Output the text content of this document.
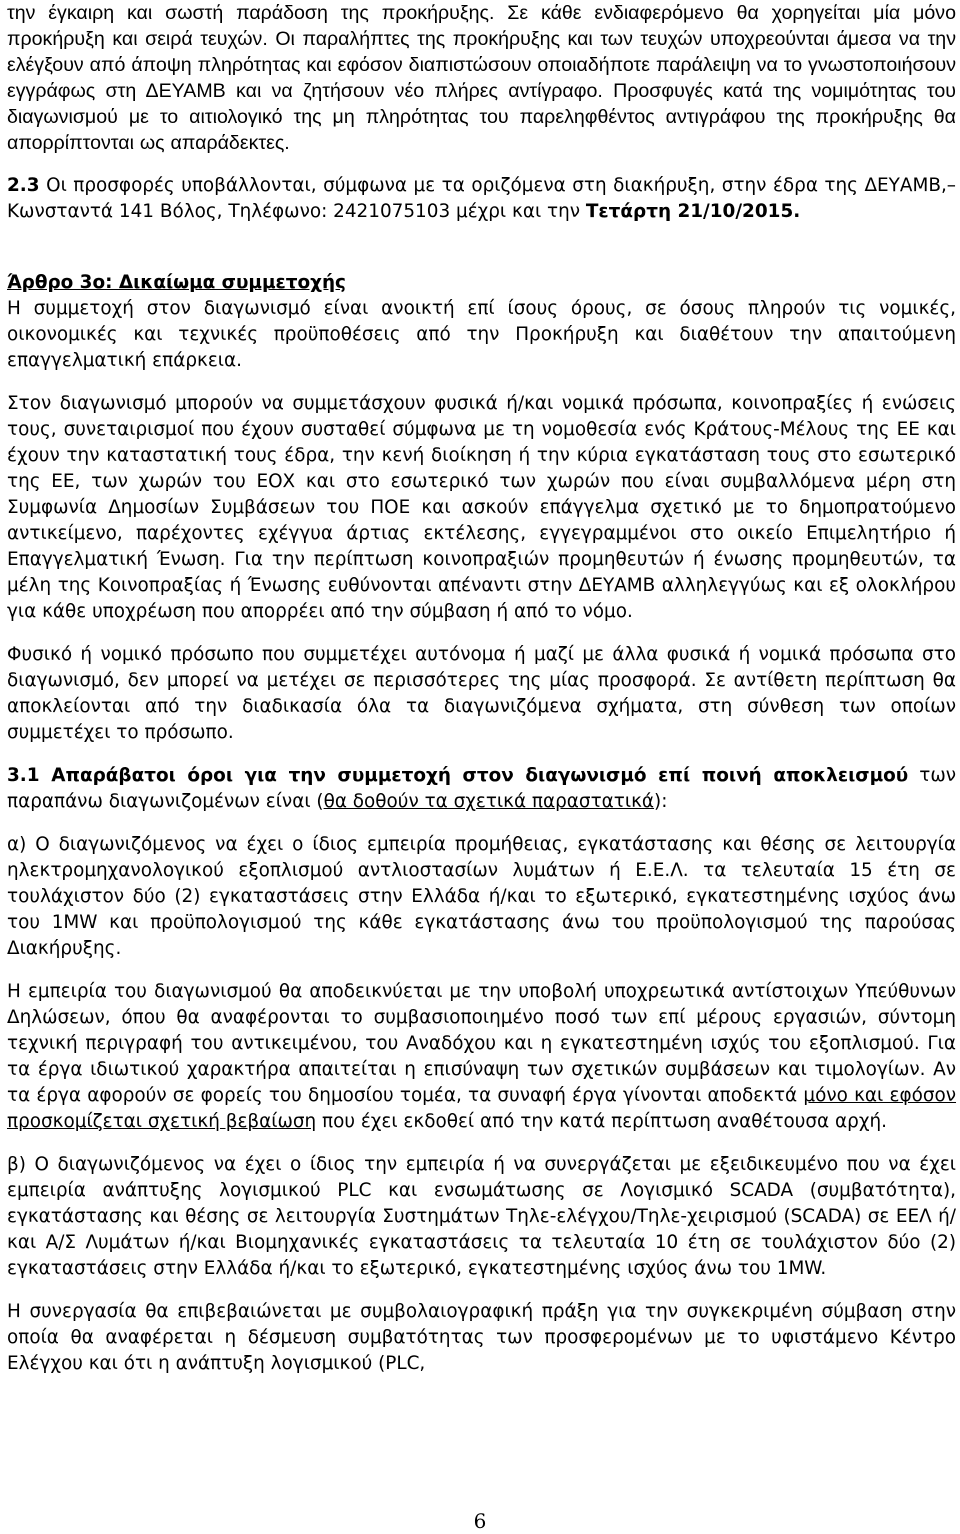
την έγκαιρη και σωστή παράδοση της προκήρυξης. Σε κάθε ενδιαφερόμενο θα χορηγείται μία μόνο προκήρυξη και σειρά τευχών. Οι παραλήπτες της προκήρυξης και των τευχών υποχρεούνται άμεσα να την ελέγξουν από άποψη πληρότητας και εφόσον διαπιστώσουν οποιαδήποτε παράλειψη να το γνωστοποιήσουν εγγράφως στη ΔΕΥΑΜΒ και να ζητήσουν νέο πλήρες αντίγραφο. Προσφυγές κατά της νομιμότητας του διαγωνισμού με το αιτιολογικό της μη πληρότητας του παρεληφθέντος αντιγράφου της προκήρυξης θα απορρίπτονται ως απαράδεκτες.

2.3 Οι προσφορές υποβάλλονται, σύμφωνα με τα οριζόμενα στη διακήρυξη, στην έδρα της ΔΕΥΑΜΒ,– Κωνσταντά 141 Βόλος, Τηλέφωνο: 2421075103 μέχρι και την Τετάρτη 21/10/2015.

Άρθρο 3ο: Δικαίωμα συμμετοχής

Η συμμετοχή στον διαγωνισμό είναι ανοικτή επί ίσους όρους, σε όσους πληρούν τις νομικές, οικονομικές και τεχνικές προϋποθέσεις από την Προκήρυξη και διαθέτουν την απαιτούμενη επαγγελματική επάρκεια.

Στον διαγωνισμό μπορούν να συμμετάσχουν φυσικά ή/και νομικά πρόσωπα, κοινοπραξίες ή ενώσεις τους, συνεταιρισμοί που έχουν συσταθεί σύμφωνα με τη νομοθεσία ενός Κράτους-Μέλους της ΕΕ και έχουν την καταστατική τους έδρα, την κενή διοίκηση ή την κύρια εγκατάσταση τους στο εσωτερικό της ΕΕ, των χωρών του ΕΟΧ και στο εσωτερικό των χωρών που είναι συμβαλλόμενα μέρη στη Συμφωνία Δημοσίων Συμβάσεων του ΠΟΕ και ασκούν επάγγελμα σχετικό με το δημοπρατούμενο αντικείμενο, παρέχοντες εχέγγυα άρτιας εκτέλεσης, εγγεγραμμένοι στο οικείο Επιμελητήριο ή Επαγγελματική Ένωση. Για την περίπτωση κοινοπραξιών προμηθευτών ή ένωσης προμηθευτών, τα μέλη της Κοινοπραξίας ή Ένωσης ευθύνονται απέναντι στην ΔΕΥΑΜΒ αλληλεγγύως και εξ ολοκλήρου για κάθε υποχρέωση που απορρέει από την σύμβαση ή από το νόμο.

Φυσικό ή νομικό πρόσωπο που συμμετέχει αυτόνομα ή μαζί με άλλα φυσικά ή νομικά πρόσωπα στο διαγωνισμό, δεν μπορεί να μετέχει σε περισσότερες της μίας προσφορά. Σε αντίθετη περίπτωση θα αποκλείονται από την διαδικασία όλα τα διαγωνιζόμενα σχήματα, στη σύνθεση των οποίων συμμετέχει το πρόσωπο.

3.1 Απαράβατοι όροι για την συμμετοχή στον διαγωνισμό επί ποινή αποκλεισμού των παραπάνω διαγωνιζομένων είναι (θα δοθούν τα σχετικά παραστατικά):

α) Ο διαγωνιζόμενος να έχει ο ίδιος εμπειρία προμήθειας, εγκατάστασης και θέσης σε λειτουργία ηλεκτρομηχανολογικού εξοπλισμού αντλιοστασίων λυμάτων ή Ε.Ε.Λ. τα τελευταία 15 έτη σε τουλάχιστον δύο (2) εγκαταστάσεις στην Ελλάδα ή/και το εξωτερικό, εγκατεστημένης ισχύος άνω του 1MW και προϋπολογισμού της κάθε εγκατάστασης άνω του προϋπολογισμού της παρούσας Διακήρυξης.

Η εμπειρία του διαγωνισμού θα αποδεικνύεται με την υποβολή υποχρεωτικά αντίστοιχων Υπεύθυνων Δηλώσεων, όπου θα αναφέρονται το συμβασιοποιημένο ποσό των επί μέρους εργασιών, σύντομη τεχνική περιγραφή του αντικειμένου, του Αναδόχου και η εγκατεστημένη ισχύς του εξοπλισμού. Για τα έργα ιδιωτικού χαρακτήρα απαιτείται η επισύναψη των σχετικών συμβάσεων και τιμολογίων. Αν τα έργα αφορούν σε φορείς του δημοσίου τομέα, τα συναφή έργα γίνονται αποδεκτά μόνο και εφόσον προσκομίζεται σχετική βεβαίωση που έχει εκδοθεί από την κατά περίπτωση αναθέτουσα αρχή.

β) Ο διαγωνιζόμενος να έχει ο ίδιος την εμπειρία ή να συνεργάζεται με εξειδικευμένο που να έχει εμπειρία ανάπτυξης λογισμικού PLC και ενσωμάτωσης σε Λογισμικό SCADA (συμβατότητα), εγκατάστασης και θέσης σε λειτουργία Συστημάτων Τηλε-ελέγχου/Τηλε-χειρισμού (SCADA) σε ΕΕΛ ή/και Α/Σ Λυμάτων ή/και Βιομηχανικές εγκαταστάσεις τα τελευταία 10 έτη σε τουλάχιστον δύο (2) εγκαταστάσεις στην Ελλάδα ή/και το εξωτερικό, εγκατεστημένης ισχύος άνω του 1MW.

Η συνεργασία θα επιβεβαιώνεται με συμβολαιογραφική πράξη για την συγκεκριμένη σύμβαση στην οποία θα αναφέρεται η δέσμευση συμβατότητας των προσφερομένων με το υφιστάμενο Κέντρο Ελέγχου και ότι η ανάπτυξη λογισμικού (PLC,

6
